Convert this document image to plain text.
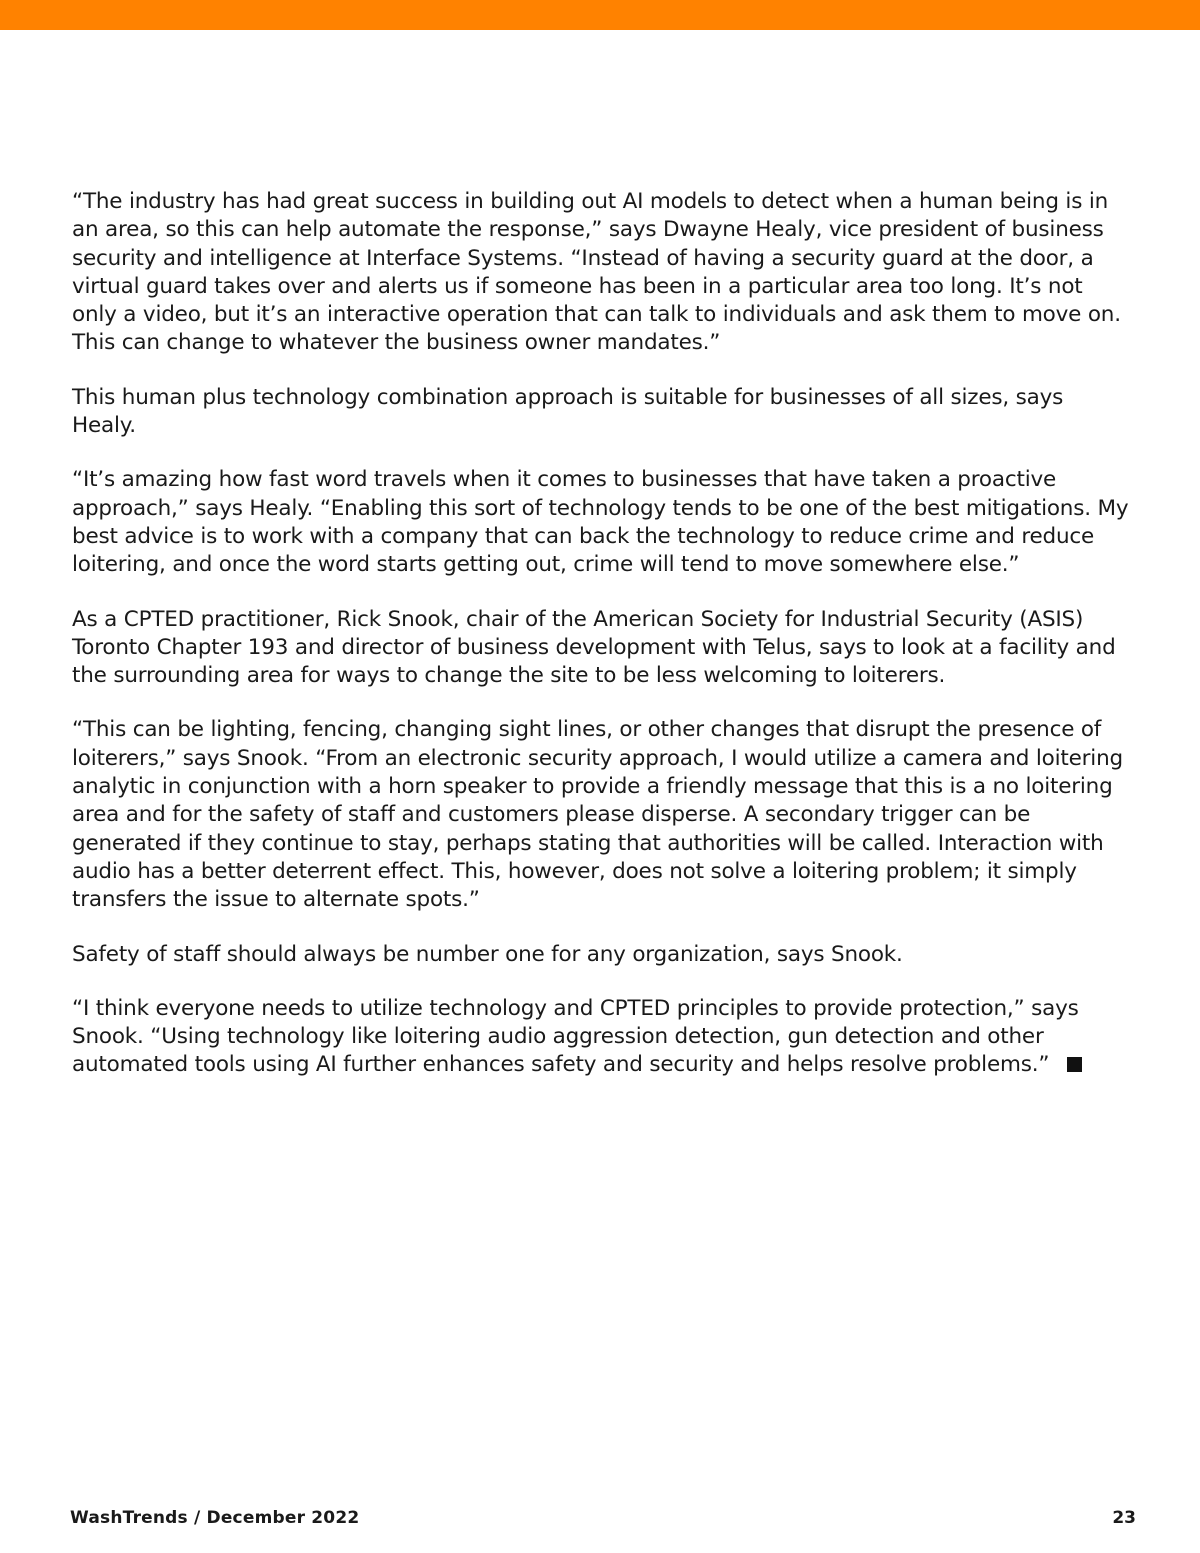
“The industry has had great success in building out AI models to detect when a human being is in an area, so this can help automate the response,” says Dwayne Healy, vice president of business security and intelligence at Interface Systems. “Instead of having a security guard at the door, a virtual guard takes over and alerts us if someone has been in a particular area too long. It’s not only a video, but it’s an interactive operation that can talk to individuals and ask them to move on. This can change to whatever the business owner mandates.”

This human plus technology combination approach is suitable for businesses of all sizes, says Healy.

“It’s amazing how fast word travels when it comes to businesses that have taken a proactive approach,” says Healy. “Enabling this sort of technology tends to be one of the best mitigations. My best advice is to work with a company that can back the technology to reduce crime and reduce loitering, and once the word starts getting out, crime will tend to move somewhere else.”

As a CPTED practitioner, Rick Snook, chair of the American Society for Industrial Security (ASIS) Toronto Chapter 193 and director of business development with Telus, says to look at a facility and the surrounding area for ways to change the site to be less welcoming to loiterers.

“This can be lighting, fencing, changing sight lines, or other changes that disrupt the presence of loiterers,” says Snook. “From an electronic security approach, I would utilize a camera and loitering analytic in conjunction with a horn speaker to provide a friendly message that this is a no loitering area and for the safety of staff and customers please disperse. A secondary trigger can be generated if they continue to stay, perhaps stating that authorities will be called. Interaction with audio has a better deterrent effect. This, however, does not solve a loitering problem; it simply transfers the issue to alternate spots.”

Safety of staff should always be number one for any organization, says Snook.

“I think everyone needs to utilize technology and CPTED principles to provide protection,” says Snook. “Using technology like loitering audio aggression detection, gun detection and other automated tools using AI further enhances safety and security and helps resolve problems.”

WashTrends / December 2022	23
